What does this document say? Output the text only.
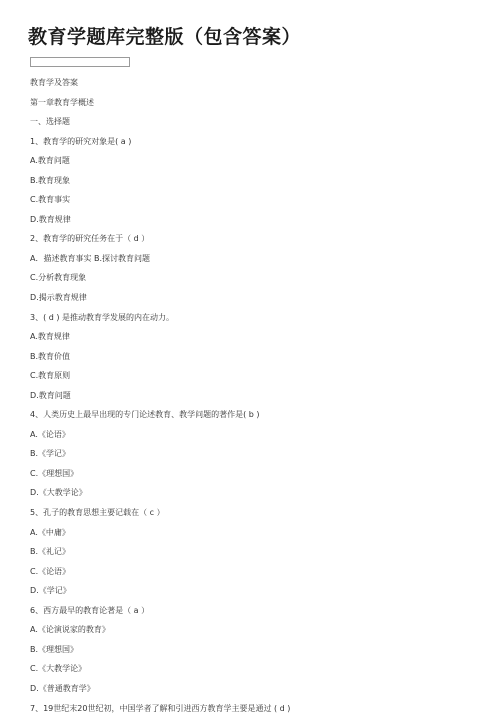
教育学题库完整版（包含答案）
教育学及答案
第一章教育学概述
一、选择题
1、教育学的研究对象是( a )
A.教育问题
B.教育现象
C.教育事实
D.教育规律
2、教育学的研究任务在于（ d ）
A．描述教育事实 B.探讨教育问题
C.分析教育现象
D.揭示教育规律
3、( d ) 是推动教育学发展的内在动力。
A.教育规律
B.教育价值
C.教育原则
D.教育问题
4、人类历史上最早出现的专门论述教育、教学问题的著作是( b )
A.《论语》
B.《学记》
C.《理想国》
D.《大教学论》
5、孔子的教育思想主要记载在（ c ）
A.《中庸》
B.《礼记》
C.《论语》
D.《学记》
6、西方最早的教育论著是（ a ）
A.《论演说家的教育》
B.《理想国》
C.《大教学论》
D.《普通教育学》
7、19世纪末20世纪初，中国学者了解和引进西方教育学主要是通过 ( d )
